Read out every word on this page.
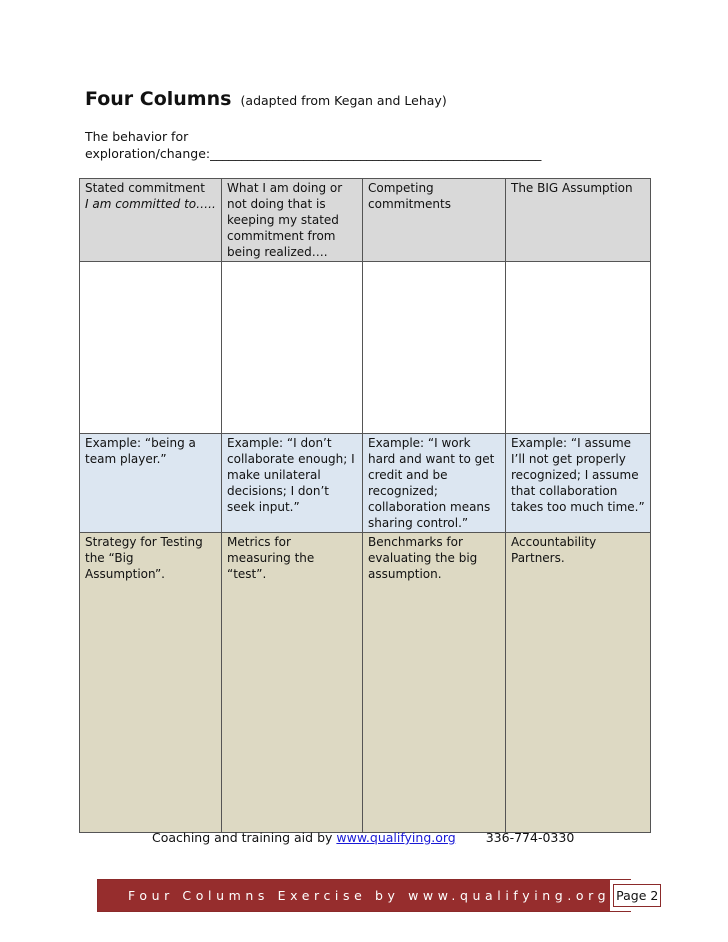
Four Columns (adapted from Kegan and Lehay)
The behavior for
exploration/change:_____________________________________________________
Stated commitment
I am committed to…..	What I am doing or not doing that is keeping my stated commitment from being realized….	Competing commitments	The BIG Assumption

Example: “being a team player.”	Example: “I don’t collaborate enough; I make unilateral decisions; I don’t seek input.”	Example: “I work hard and want to get credit and be recognized; collaboration means sharing control.”	Example: “I assume I’ll not get properly recognized; I assume that collaboration takes too much time.”
Strategy for Testing the “Big Assumption”.	Metrics for measuring the “test”.	Benchmarks for evaluating the big assumption.	Accountability Partners.
Coaching and training aid by www.qualifying.org 336-774-0330
Four Columns Exercise by www.qualifying.org Page 2
